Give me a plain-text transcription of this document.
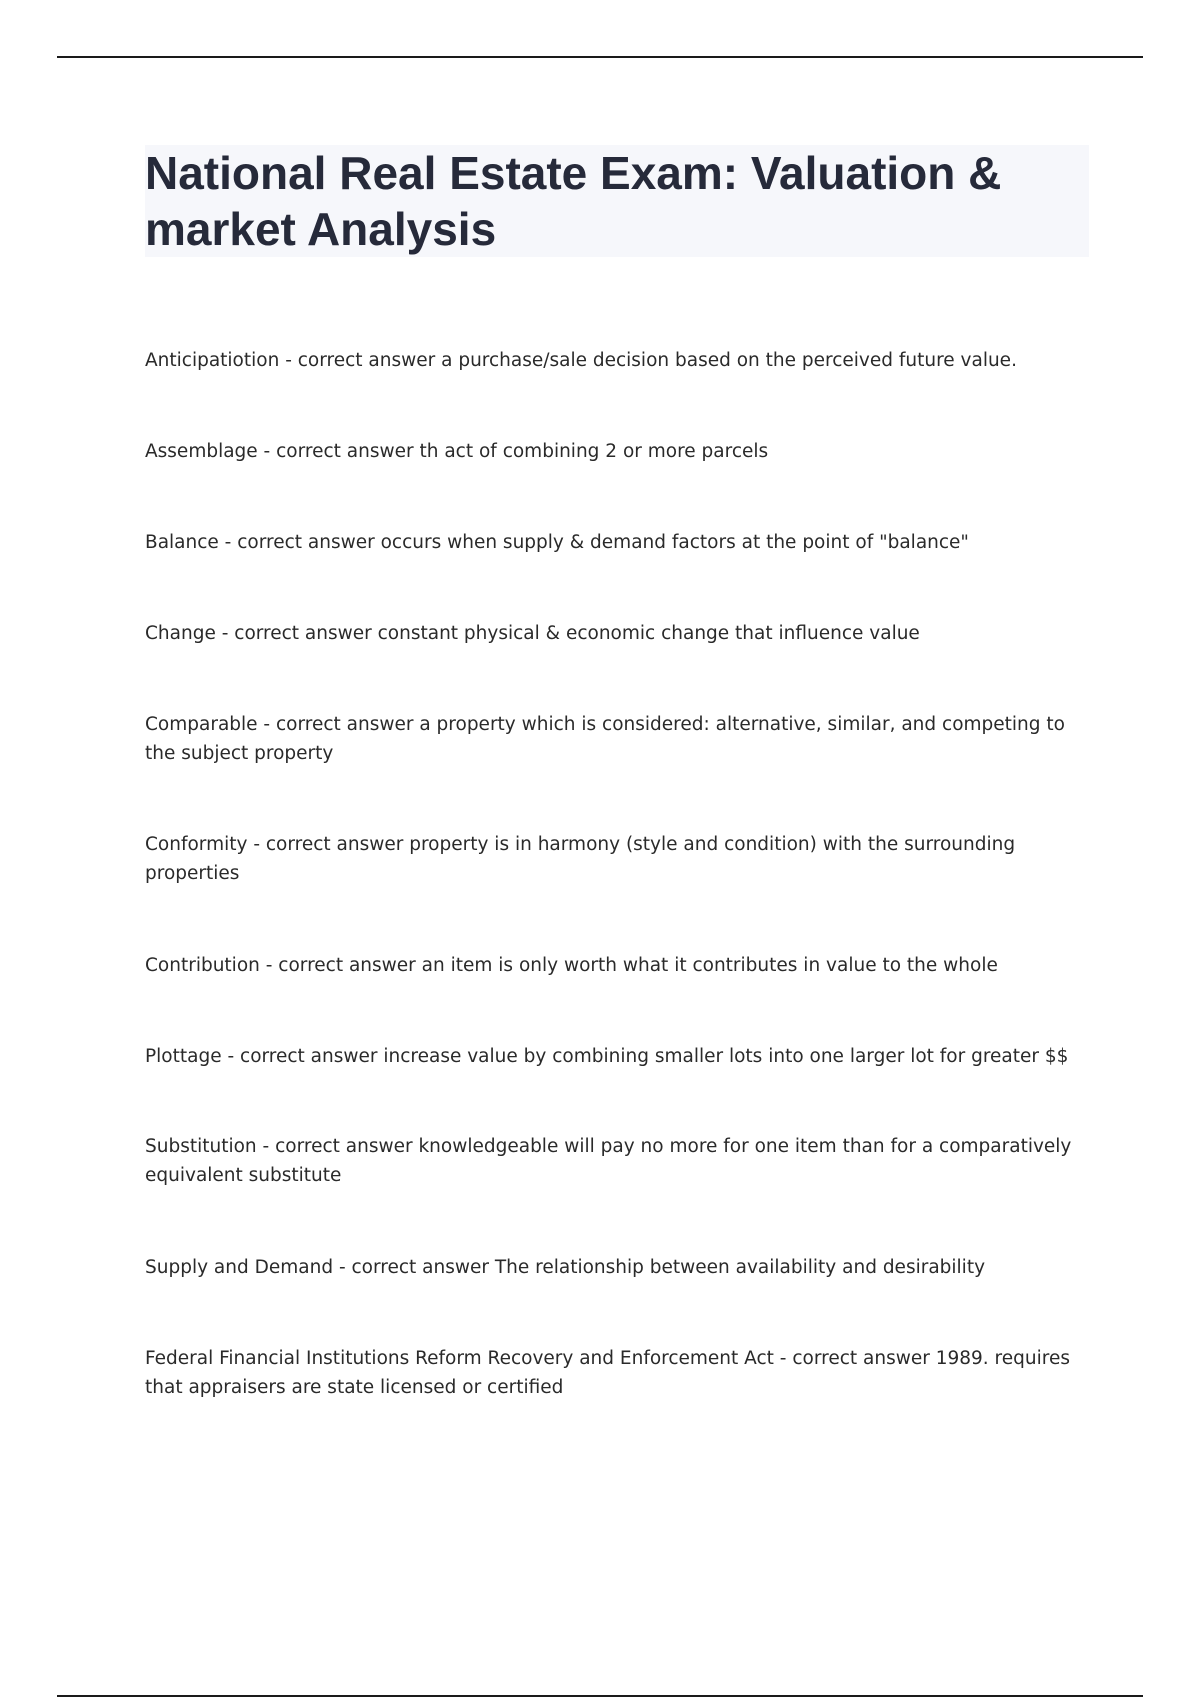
National Real Estate Exam: Valuation & market Analysis

Anticipatiotion - correct answer a purchase/sale decision based on the perceived future value.

Assemblage - correct answer th act of combining 2 or more parcels

Balance - correct answer occurs when supply & demand factors at the point of "balance"

Change - correct answer constant physical & economic change that influence value

Comparable - correct answer a property which is considered: alternative, similar, and competing to the subject property

Conformity - correct answer property is in harmony (style and condition) with the surrounding properties

Contribution - correct answer an item is only worth what it contributes in value to the whole

Plottage - correct answer increase value by combining smaller lots into one larger lot for greater $$

Substitution - correct answer knowledgeable will pay no more for one item than for a comparatively equivalent substitute

Supply and Demand - correct answer The relationship between availability and desirability

Federal Financial Institutions Reform Recovery and Enforcement Act - correct answer 1989. requires that appraisers are state licensed or certified
